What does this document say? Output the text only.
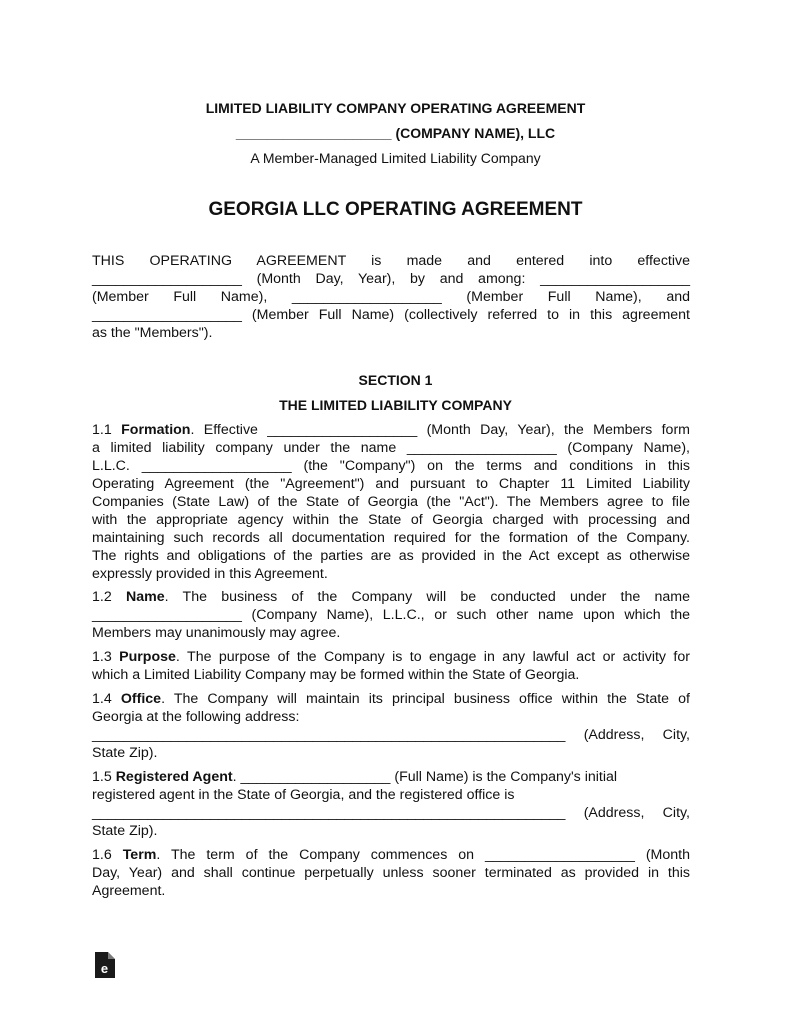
LIMITED LIABILITY COMPANY OPERATING AGREEMENT
____________________ (COMPANY NAME), LLC
A Member-Managed Limited Liability Company
GEORGIA LLC OPERATING AGREEMENT
THIS OPERATING AGREEMENT is made and entered into effective
___________________ (Month Day, Year), by and among: ___________________
(Member Full Name), ___________________ (Member Full Name), and
___________________ (Member Full Name) (collectively referred to in this agreement
as the "Members").
SECTION 1
THE LIMITED LIABILITY COMPANY
1.1 Formation. Effective ___________________ (Month Day, Year), the Members form
a limited liability company under the name ___________________ (Company Name),
L.L.C. ___________________ (the "Company") on the terms and conditions in this
Operating Agreement (the "Agreement") and pursuant to Chapter 11 Limited Liability
Companies (State Law) of the State of Georgia (the "Act"). The Members agree to file
with the appropriate agency within the State of Georgia charged with processing and
maintaining such records all documentation required for the formation of the Company.
The rights and obligations of the parties are as provided in the Act except as otherwise
expressly provided in this Agreement.
1.2 Name. The business of the Company will be conducted under the name
___________________ (Company Name), L.L.C., or such other name upon which the
Members may unanimously may agree.
1.3 Purpose. The purpose of the Company is to engage in any lawful act or activity for
which a Limited Liability Company may be formed within the State of Georgia.
1.4 Office. The Company will maintain its principal business office within the State of
Georgia at the following address:
____________________________________________________________ (Address, City,
State Zip).
1.5 Registered Agent. ___________________ (Full Name) is the Company's initial
registered agent in the State of Georgia, and the registered office is
____________________________________________________________ (Address, City,
State Zip).
1.6 Term. The term of the Company commences on ___________________ (Month
Day, Year) and shall continue perpetually unless sooner terminated as provided in this
Agreement.
e
